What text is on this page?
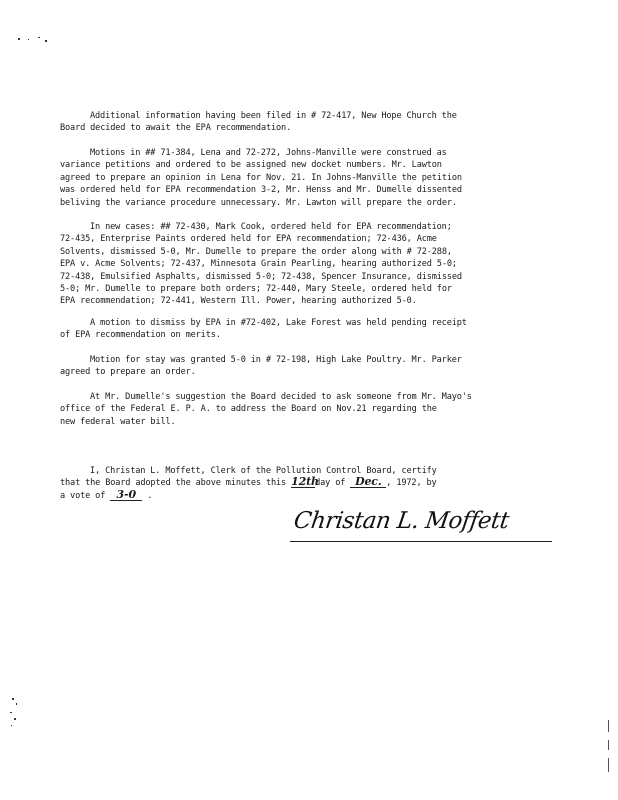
Additional information having been filed in # 72-417, New Hope Church the
Board decided to await the EPA recommendation.
Motions in ## 71-384, Lena and 72-272, Johns-Manville were construed as
variance petitions and ordered to be assigned new docket numbers. Mr. Lawton
agreed to prepare an opinion in Lena for Nov. 21. In Johns-Manville the petition
was ordered held for EPA recommendation 3-2, Mr. Henss and Mr. Dumelle dissented
beliving the variance procedure unnecessary. Mr. Lawton will prepare the order.
In new cases: ## 72-430, Mark Cook, ordered held for EPA recommendation;
72-435, Enterprise Paints ordered held for EPA recommendation; 72-436, Acme
Solvents, dismissed 5-0, Mr. Dumelle to prepare the order along with # 72-288,
EPA v. Acme Solvents; 72-437, Minnesota Grain Pearling, hearing authorized 5-0;
72-438, Emulsified Asphalts, dismissed 5-0; 72-438, Spencer Insurance, dismissed
5-0; Mr. Dumelle to prepare both orders; 72-440, Mary Steele, ordered held for
EPA recommendation; 72-441, Western Ill. Power, hearing authorized 5-0.
A motion to dismiss by EPA in #72-402, Lake Forest was held pending receipt
of EPA recommendation on merits.
Motion for stay was granted 5-0 in # 72-198, High Lake Poultry. Mr. Parker
agreed to prepare an order.
At Mr. Dumelle's suggestion the Board decided to ask someone from Mr. Mayo's
office of the Federal E. P. A. to address the Board on Nov.21 regarding the
new federal water bill.
I, Christan L. Moffett, Clerk of the Pollution Control Board, certify
that the Board adopted the above minutes this 12thday of Dec. , 1972, by
a vote of 3-0 .
Christan L. Moffett
